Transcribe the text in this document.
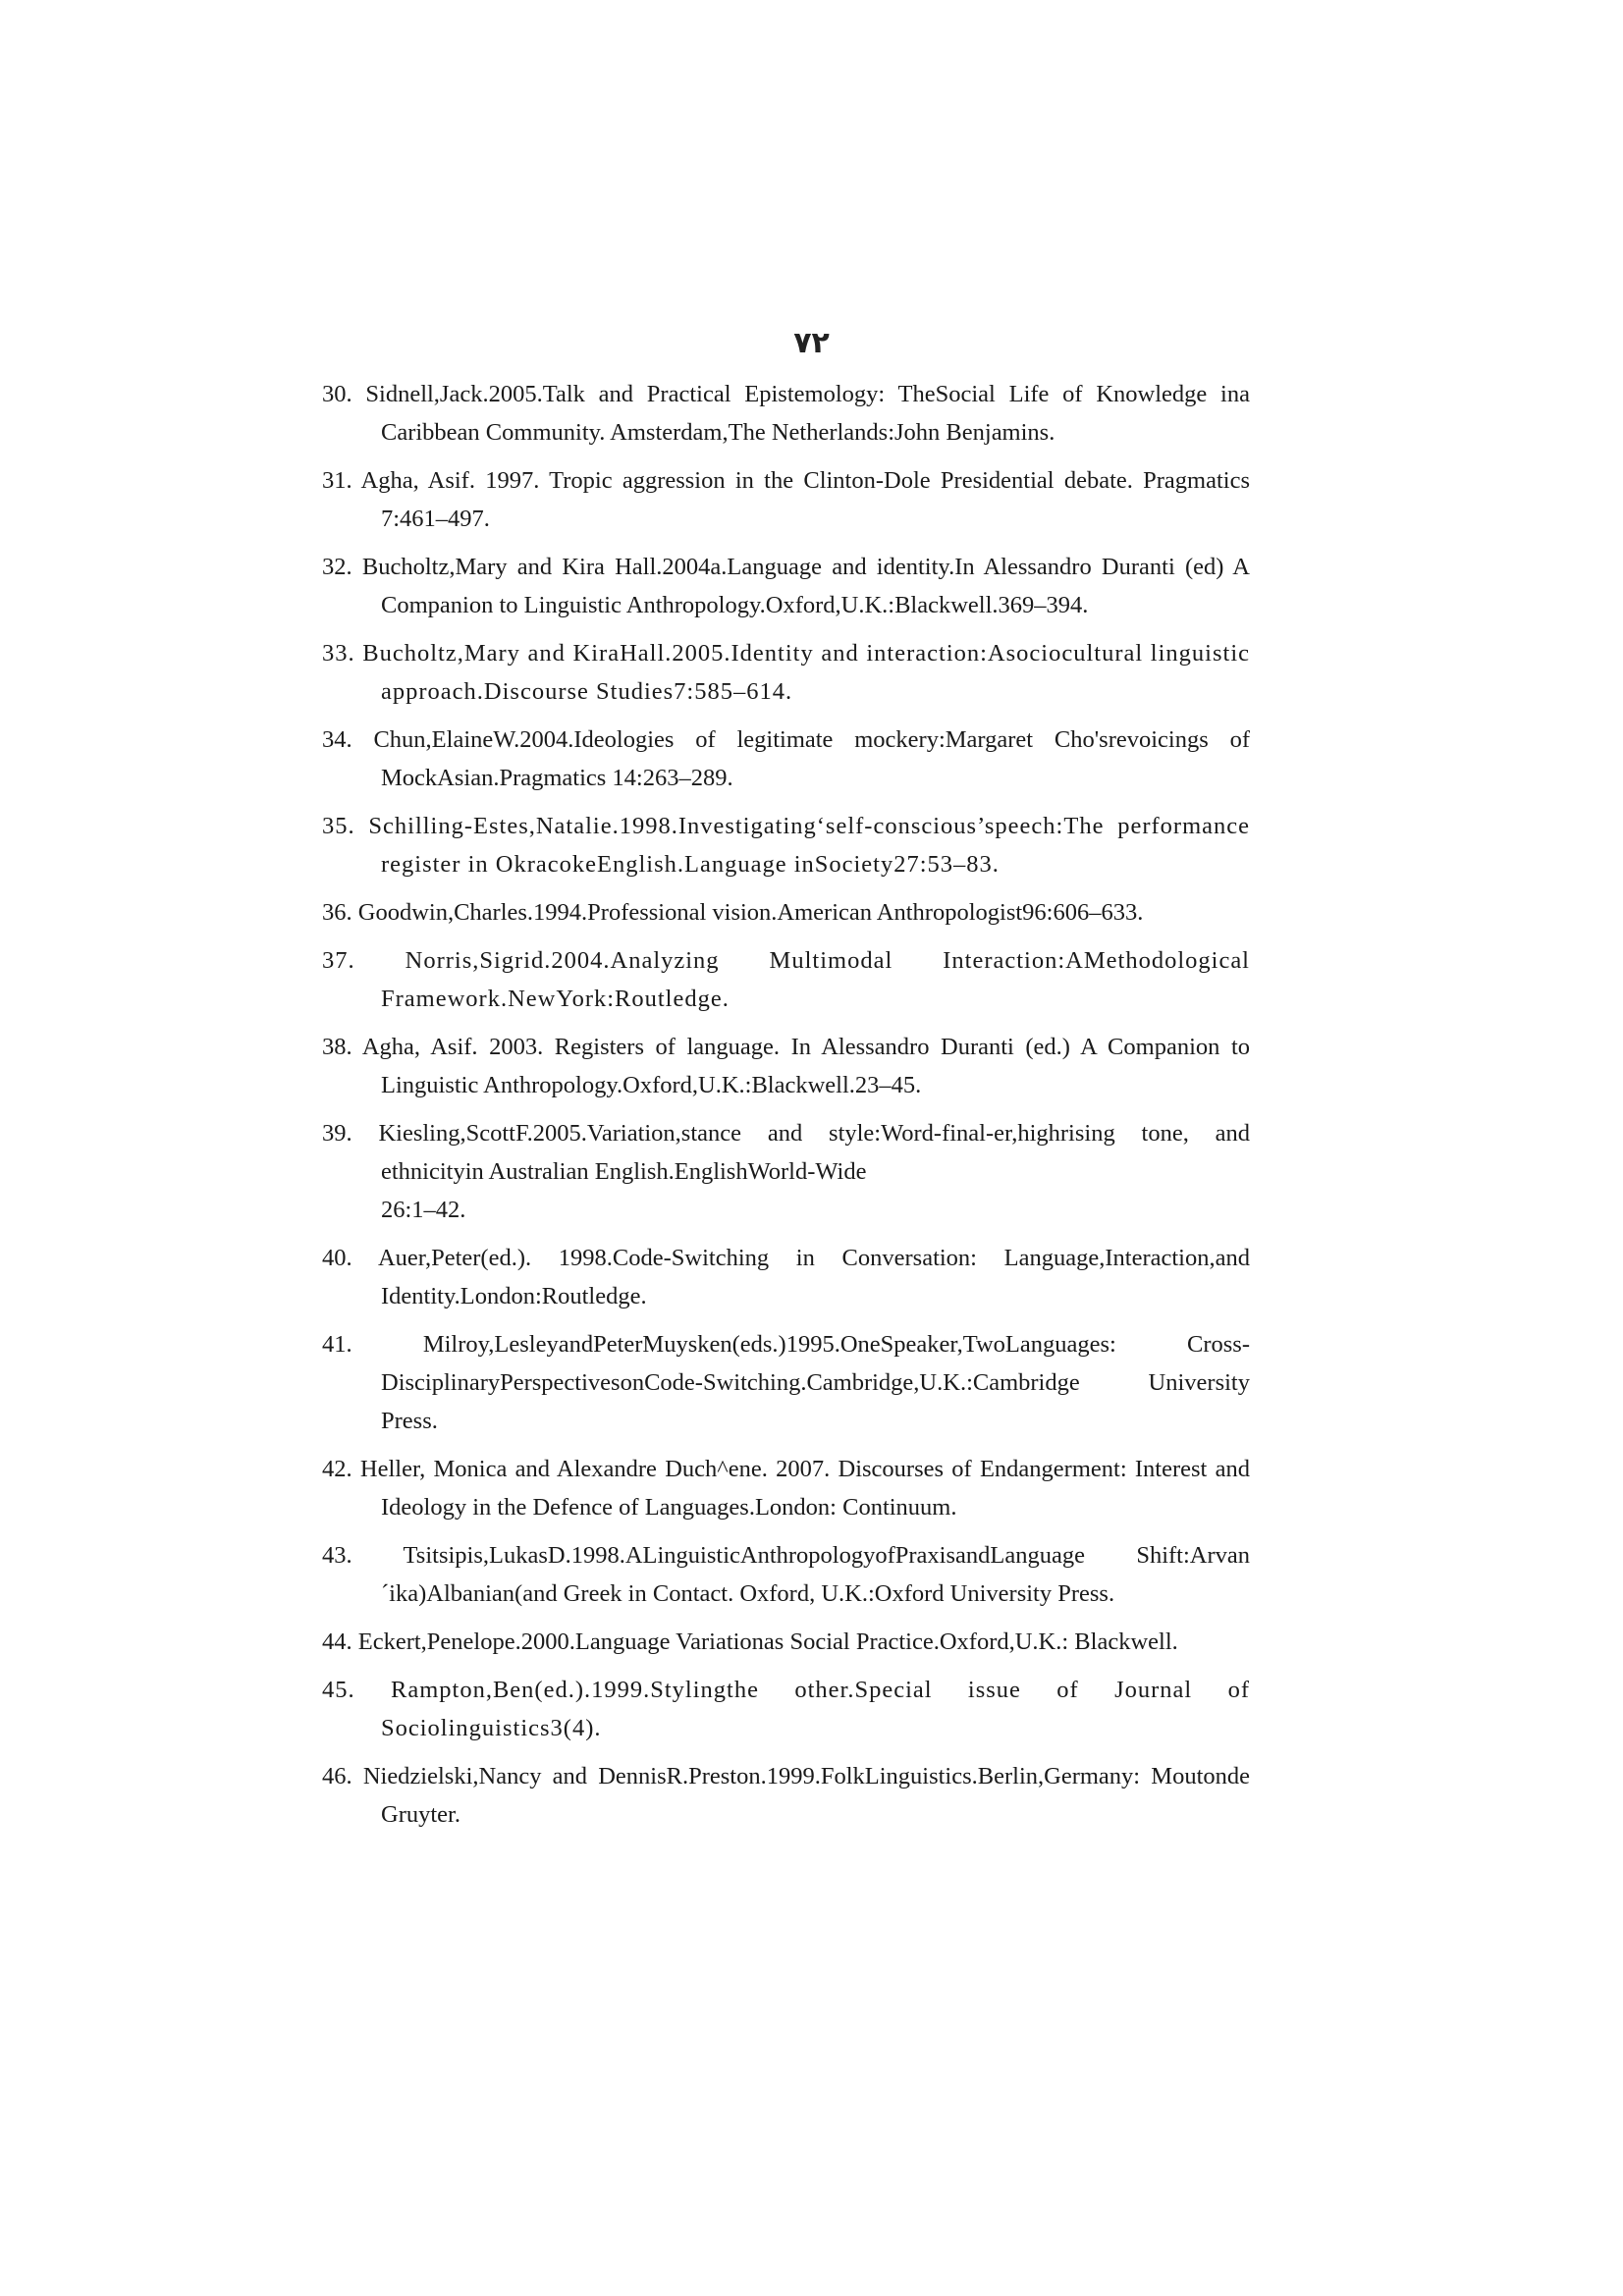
۷۲
30. Sidnell,Jack.2005.Talk and Practical Epistemology: TheSocial Life of Knowledge ina Caribbean Community. Amsterdam,The Netherlands:John Benjamins.
31. Agha, Asif. 1997. Tropic aggression in the Clinton-Dole Presidential debate. Pragmatics 7:461–497.
32. Bucholtz,Mary and Kira Hall.2004a.Language and identity.In Alessandro Duranti (ed) A Companion to Linguistic Anthropology.Oxford,U.K.:Blackwell.369–394.
33. Bucholtz,Mary and KiraHall.2005.Identity and interaction:Asociocultural linguistic approach.Discourse Studies7:585–614.
34. Chun,ElaineW.2004.Ideologies of legitimate mockery:Margaret Cho'srevoicings of MockAsian.Pragmatics 14:263–289.
35. Schilling-Estes,Natalie.1998.Investigating‘self-conscious’speech:The performance register in OkracokeEnglish.Language inSociety27:53–83.
36. Goodwin,Charles.1994.Professional vision.American Anthropologist96:606–633.
37. Norris,Sigrid.2004.Analyzing Multimodal Interaction:AMethodological Framework.NewYork:Routledge.
38. Agha, Asif. 2003. Registers of language. In Alessandro Duranti (ed.) A Companion to Linguistic Anthropology.Oxford,U.K.:Blackwell.23–45.
39. Kiesling,ScottF.2005.Variation,stance and style:Word-final-er,highrising tone, and ethnicityin Australian English.EnglishWorld-Wide
26:1–42.
40. Auer,Peter(ed.). 1998.Code-Switching in Conversation: Language,Interaction,and Identity.London:Routledge.
41.	Milroy,LesleyandPeterMuysken(eds.)1995.OneSpeaker,TwoLanguages: Cross-DisciplinaryPerspectivesonCode-Switching.Cambridge,U.K.:Cambridge University Press.
42. Heller, Monica and Alexandre Duch^ene. 2007. Discourses of Endangerment: Interest and Ideology in the Defence of Languages.London: Continuum.
43. Tsitsipis,LukasD.1998.ALinguisticAnthropologyofPraxisandLanguage Shift:Arvan´ika)Albanian(and Greek in Contact. Oxford, U.K.:Oxford University Press.
44. Eckert,Penelope.2000.Language Variationas Social Practice.Oxford,U.K.: Blackwell.
45. Rampton,Ben(ed.).1999.Stylingthe other.Special issue of Journal of Sociolinguistics3(4).
46. Niedzielski,Nancy and DennisR.Preston.1999.FolkLinguistics.Berlin,Germany: Moutonde Gruyter.
